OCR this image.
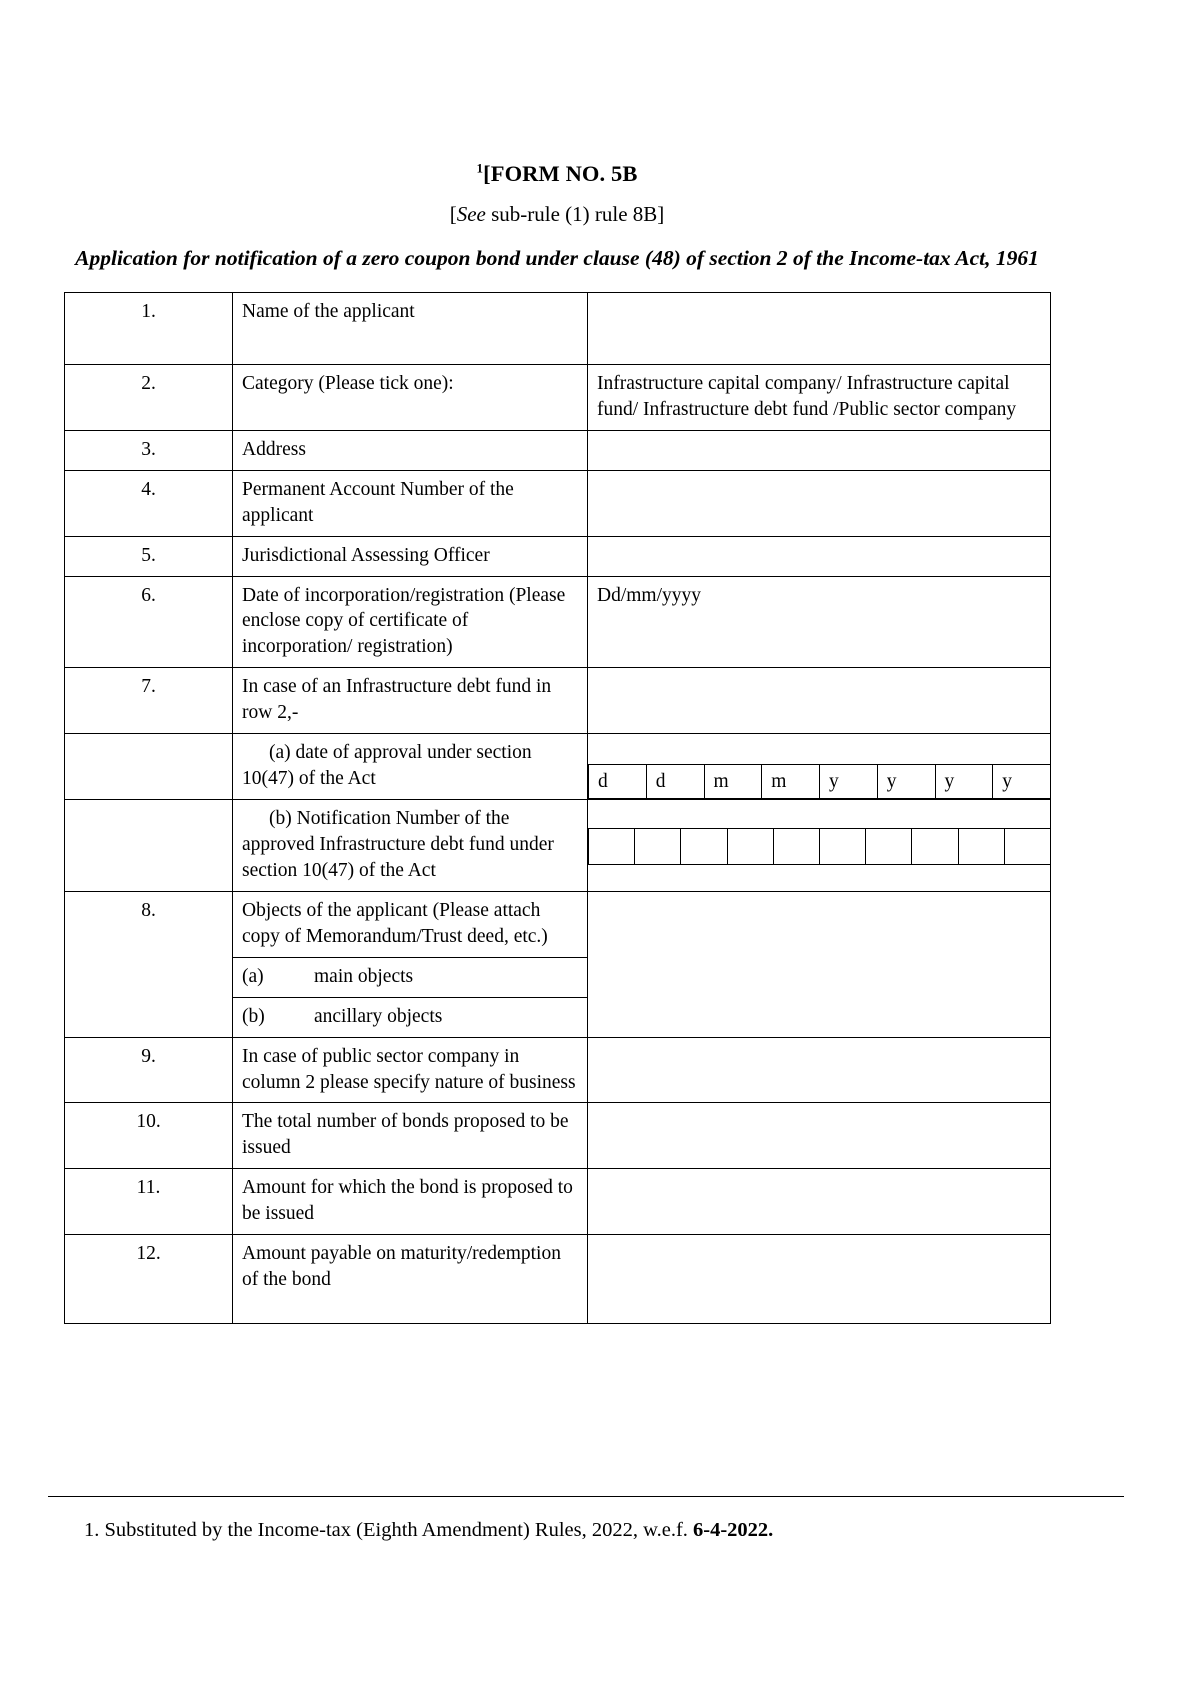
$^1$[FORM NO. 5B
[See sub-rule (1) rule 8B]
Application for notification of a zero coupon bond under clause (48) of section 2 of the Income-tax Act, 1961
1.	Name of the applicant	
2.	Category (Please tick one):	Infrastructure capital company/ Infrastructure capital fund/ Infrastructure debt fund /Public sector company
3.	Address	
4.	Permanent Account Number of the applicant	
5.	Jurisdictional Assessing Officer	
6.	Date of incorporation/registration (Please enclose copy of certificate of incorporation/ registration)	Dd/mm/yyyy
7.	In case of an Infrastructure debt fund in row 2,-	
	(a) date of approval under section 10(47) of the Act	d	d	m	m	y	y	y	y

	(b) Notification Number of the approved Infrastructure debt fund under section 10(47) of the Act	

8.	Objects of the applicant (Please attach copy of Memorandum/Trust deed, etc.)	
	(a) main objects	
	(b) ancillary objects	
9.	In case of public sector company in column 2 please specify nature of business	
10.	The total number of bonds proposed to be issued	
11.	Amount for which the bond is proposed to be issued	
12.	Amount payable on maturity/redemption of the bond	
1. Substituted by the Income-tax (Eighth Amendment) Rules, 2022, w.e.f. 6-4-2022.
